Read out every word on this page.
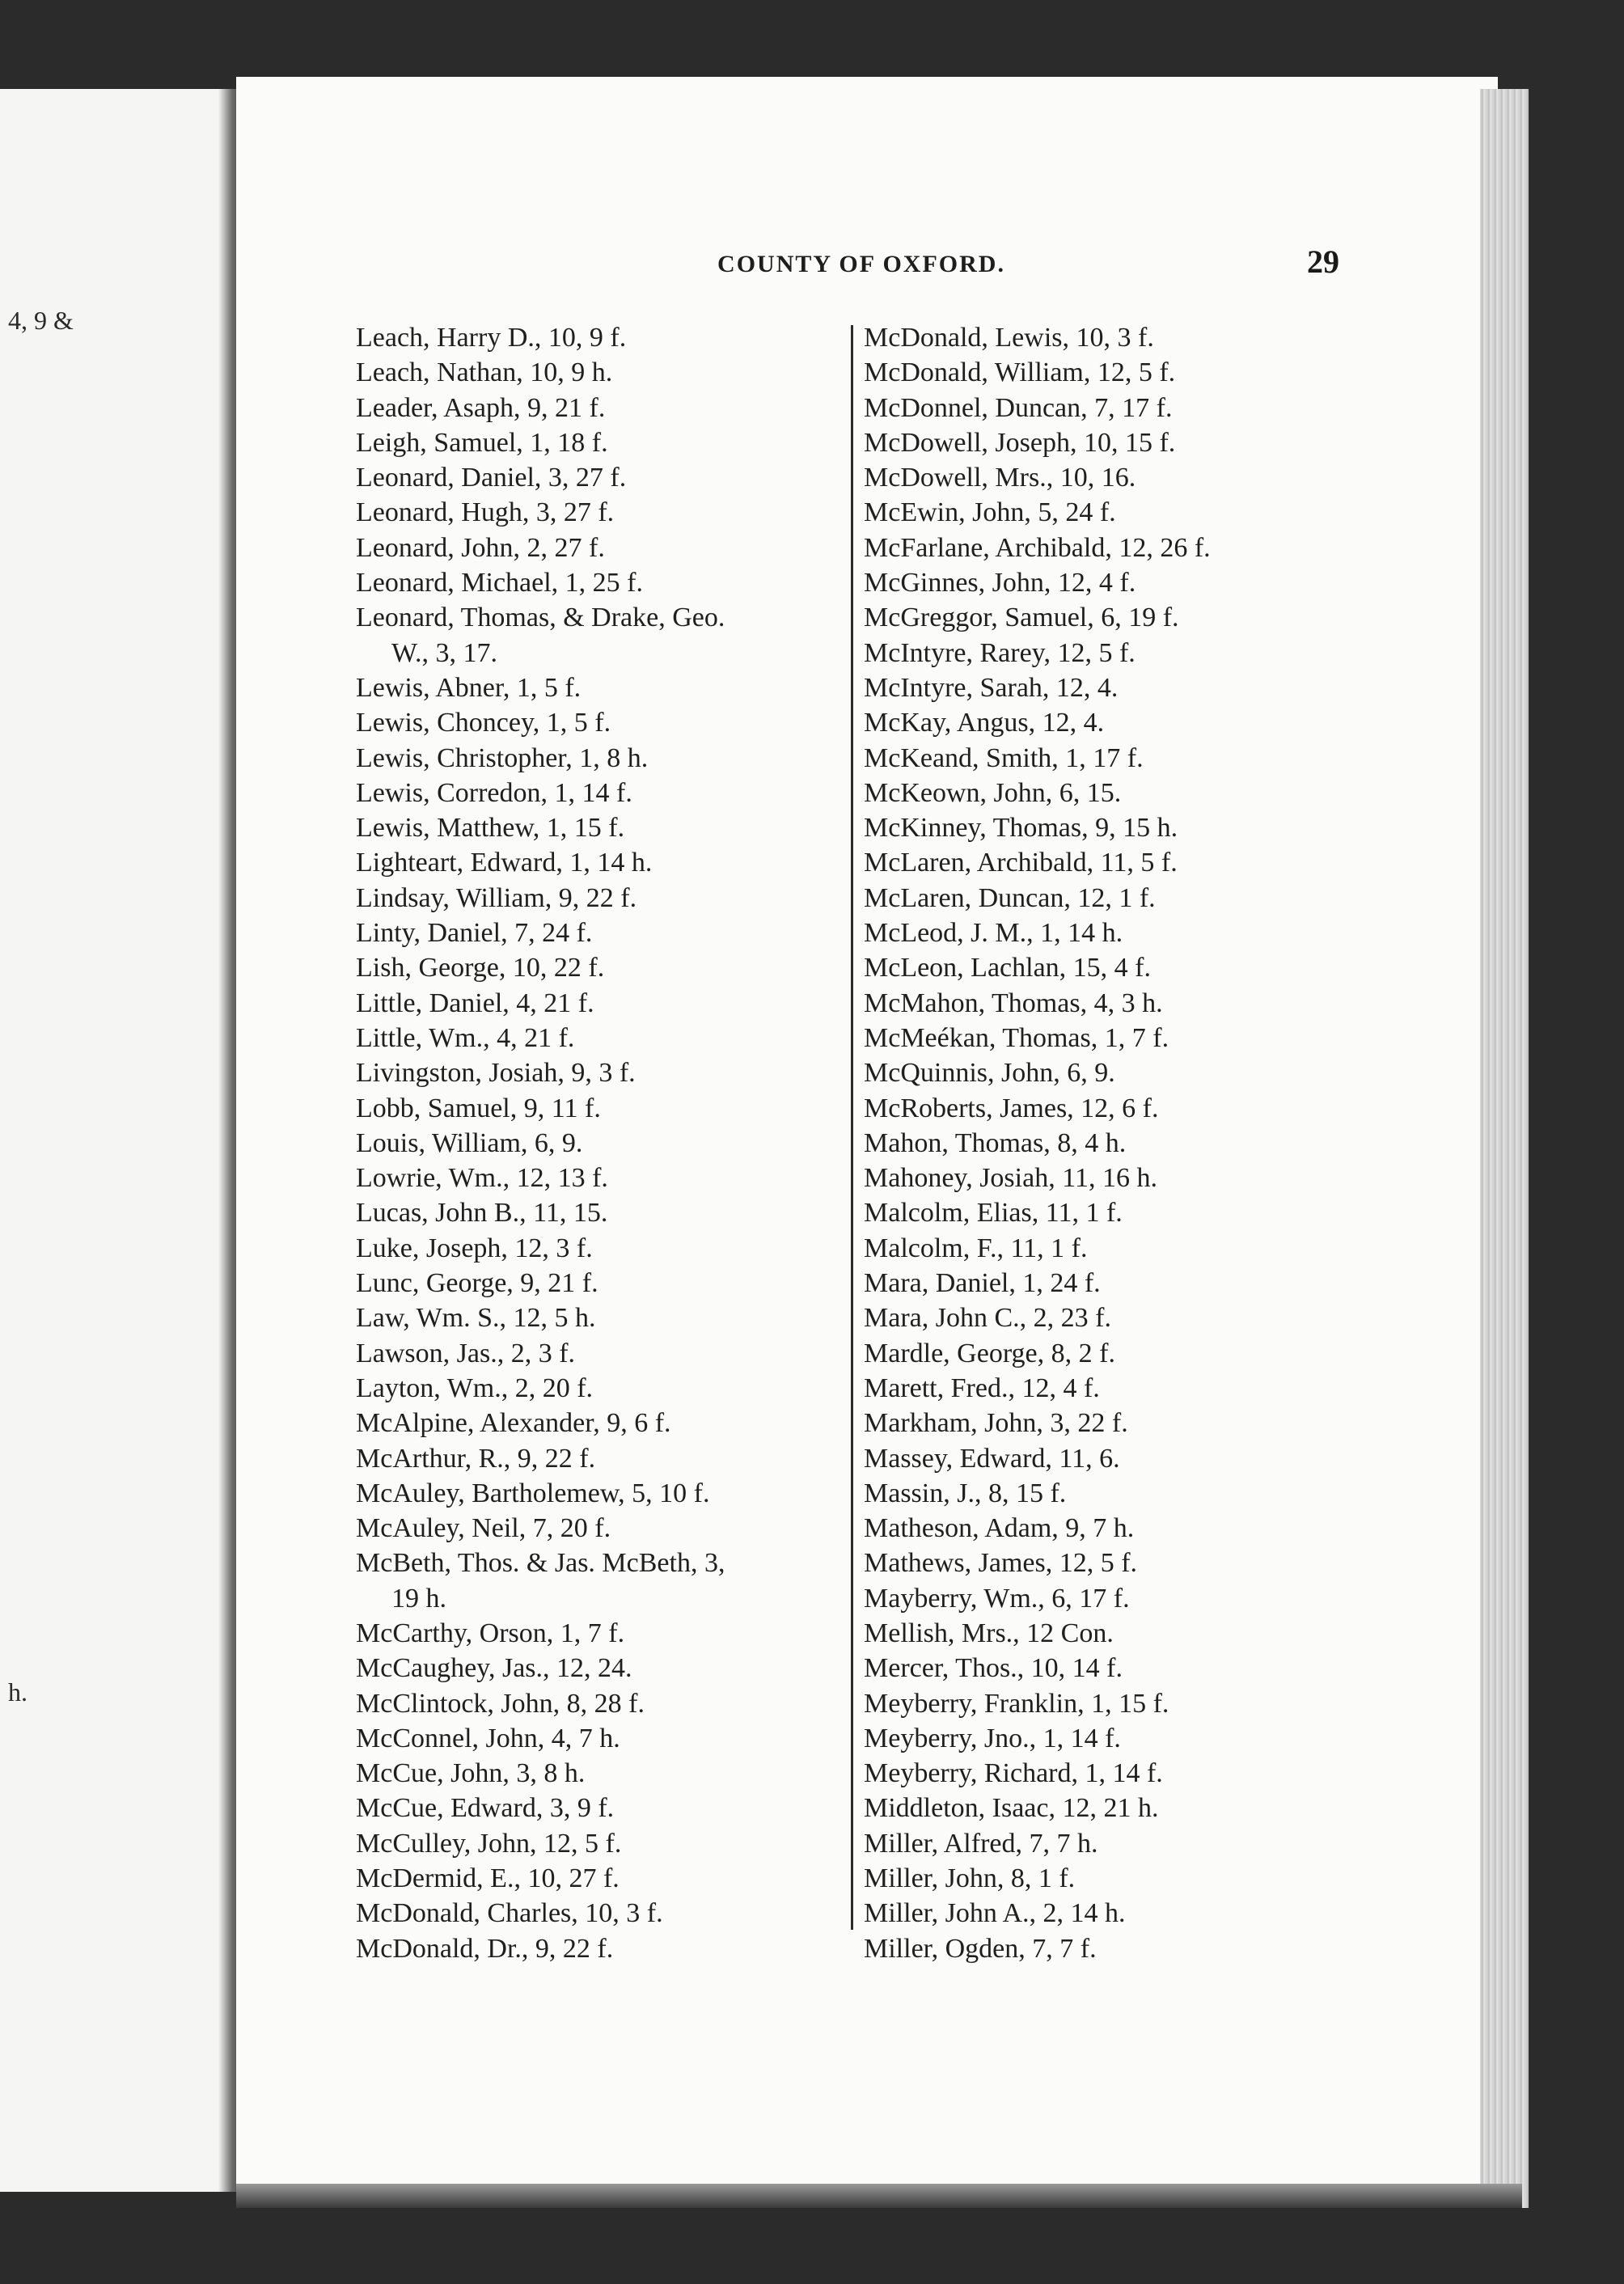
4, 9 &
h.
COUNTY OF OXFORD.	29
Leach, Harry D., 10, 9 f.
Leach, Nathan, 10, 9 h.
Leader, Asaph, 9, 21 f.
Leigh, Samuel, 1, 18 f.
Leonard, Daniel, 3, 27 f.
Leonard, Hugh, 3, 27 f.
Leonard, John, 2, 27 f.
Leonard, Michael, 1, 25 f.
Leonard, Thomas, & Drake, Geo.
W., 3, 17.
Lewis, Abner, 1, 5 f.
Lewis, Choncey, 1, 5 f.
Lewis, Christopher, 1, 8 h.
Lewis, Corredon, 1, 14 f.
Lewis, Matthew, 1, 15 f.
Lighteart, Edward, 1, 14 h.
Lindsay, William, 9, 22 f.
Linty, Daniel, 7, 24 f.
Lish, George, 10, 22 f.
Little, Daniel, 4, 21 f.
Little, Wm., 4, 21 f.
Livingston, Josiah, 9, 3 f.
Lobb, Samuel, 9, 11 f.
Louis, William, 6, 9.
Lowrie, Wm., 12, 13 f.
Lucas, John B., 11, 15.
Luke, Joseph, 12, 3 f.
Lunc, George, 9, 21 f.
Law, Wm. S., 12, 5 h.
Lawson, Jas., 2, 3 f.
Layton, Wm., 2, 20 f.
McAlpine, Alexander, 9, 6 f.
McArthur, R., 9, 22 f.
McAuley, Bartholemew, 5, 10 f.
McAuley, Neil, 7, 20 f.
McBeth, Thos. & Jas. McBeth, 3,
19 h.
McCarthy, Orson, 1, 7 f.
McCaughey, Jas., 12, 24.
McClintock, John, 8, 28 f.
McConnel, John, 4, 7 h.
McCue, John, 3, 8 h.
McCue, Edward, 3, 9 f.
McCulley, John, 12, 5 f.
McDermid, E., 10, 27 f.
McDonald, Charles, 10, 3 f.
McDonald, Dr., 9, 22 f.
McDonald, Lewis, 10, 3 f.
McDonald, William, 12, 5 f.
McDonnel, Duncan, 7, 17 f.
McDowell, Joseph, 10, 15 f.
McDowell, Mrs., 10, 16.
McEwin, John, 5, 24 f.
McFarlane, Archibald, 12, 26 f.
McGinnes, John, 12, 4 f.
McGreggor, Samuel, 6, 19 f.
McIntyre, Rarey, 12, 5 f.
McIntyre, Sarah, 12, 4.
McKay, Angus, 12, 4.
McKeand, Smith, 1, 17 f.
McKeown, John, 6, 15.
McKinney, Thomas, 9, 15 h.
McLaren, Archibald, 11, 5 f.
McLaren, Duncan, 12, 1 f.
McLeod, J. M., 1, 14 h.
McLeon, Lachlan, 15, 4 f.
McMahon, Thomas, 4, 3 h.
McMeékan, Thomas, 1, 7 f.
McQuinnis, John, 6, 9.
McRoberts, James, 12, 6 f.
Mahon, Thomas, 8, 4 h.
Mahoney, Josiah, 11, 16 h.
Malcolm, Elias, 11, 1 f.
Malcolm, F., 11, 1 f.
Mara, Daniel, 1, 24 f.
Mara, John C., 2, 23 f.
Mardle, George, 8, 2 f.
Marett, Fred., 12, 4 f.
Markham, John, 3, 22 f.
Massey, Edward, 11, 6.
Massin, J., 8, 15 f.
Matheson, Adam, 9, 7 h.
Mathews, James, 12, 5 f.
Mayberry, Wm., 6, 17 f.
Mellish, Mrs., 12 Con.
Mercer, Thos., 10, 14 f.
Meyberry, Franklin, 1, 15 f.
Meyberry, Jno., 1, 14 f.
Meyberry, Richard, 1, 14 f.
Middleton, Isaac, 12, 21 h.
Miller, Alfred, 7, 7 h.
Miller, John, 8, 1 f.
Miller, John A., 2, 14 h.
Miller, Ogden, 7, 7 f.
